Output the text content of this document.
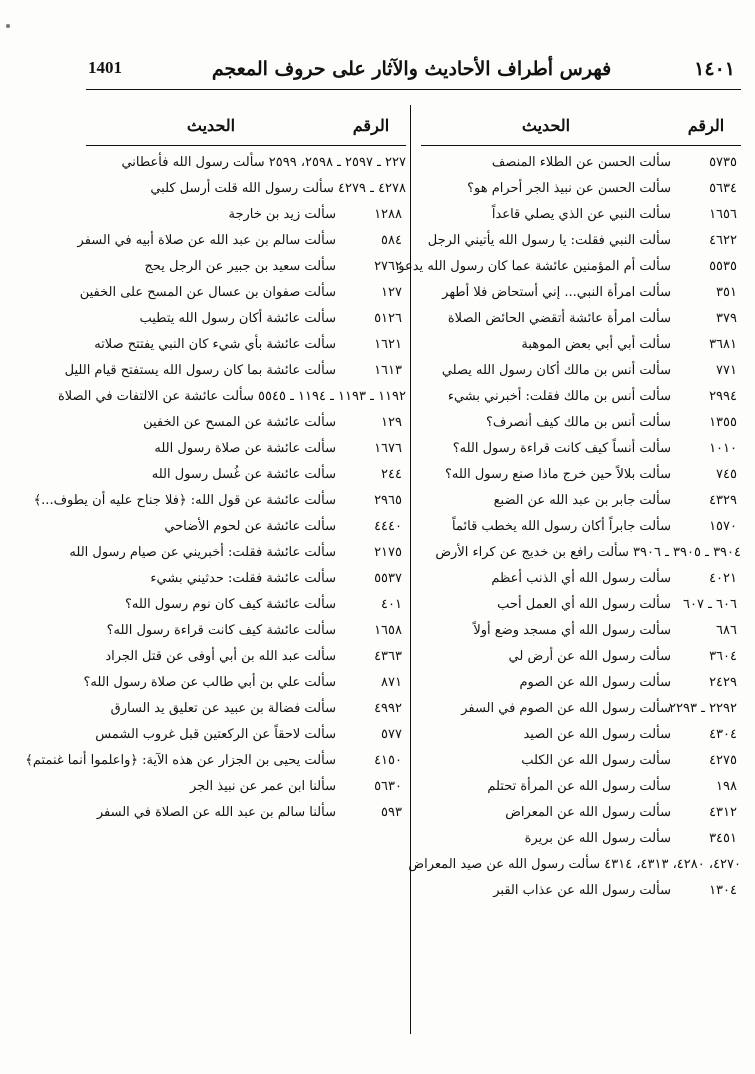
1401	فهرس أطراف الأحاديث والآثار على حروف المعجم	١٤٠١
الرقم
الحديث
٥٧٣٥
سألت الحسن عن الطلاء المنصف
٥٦٣٤
سألت الحسن عن نبيذ الجر أحرام هو؟
١٦٥٦
سألت النبي عن الذي يصلي قاعداً
٤٦٢٢
سألت النبي فقلت: يا رسول الله يأتيني الرجل
٥٥٣٥
سألت أم المؤمنين عائشة عما كان رسول الله يدعو
٣٥١
سألت امرأة النبي... إني أستحاض فلا أطهر
٣٧٩
سألت امرأة عائشة أتقضي الحائض الصلاة
٣٦٨١
سألت أبي أبي بعض الموهبة
٧٧١
سألت أنس بن مالك أكان رسول الله يصلي
٢٩٩٤
سألت أنس بن مالك فقلت: أخبرني بشيء
١٣٥٥
سألت أنس بن مالك كيف أنصرف؟
١٠١٠
سألت أنساً كيف كانت قراءة رسول الله؟
٧٤٥
سألت بلالاً حين خرج ماذا صنع رسول الله؟
٤٣٢٩
سألت جابر بن عبد الله عن الضبع
١٥٧٠
سألت جابراً أكان رسول الله يخطب قائماً
٣٩٠٤ ـ ٣٩٠٥ ـ ٣٩٠٦ سألت رافع بن خديج عن كراء الأرض
٤٠٢١
سألت رسول الله أي الذنب أعظم
٦٠٦ ـ ٦٠٧
سألت رسول الله أي العمل أحب
٦٨٦
سألت رسول الله أي مسجد وضع أولاً
٣٦٠٤
سألت رسول الله عن أرض لي
٢٤٢٩
سألت رسول الله عن الصوم
٢٢٩٢ ـ ٢٢٩٣
سألت رسول الله عن الصوم في السفر
٤٣٠٤
سألت رسول الله عن الصيد
٤٢٧٥
سألت رسول الله عن الكلب
١٩٨
سألت رسول الله عن المرأة تحتلم
٤٣١٢
سألت رسول الله عن المعراض
٣٤٥١
سألت رسول الله عن بريرة
٤٢٧٠، ٤٢٨٠، ٤٣١٣، ٤٣١٤ سألت رسول الله عن صيد المعراض
١٣٠٤
سألت رسول الله عن عذاب القبر
الرقم
الحديث
٢٢٧ ـ ٢٥٩٧ ـ ٢٥٩٨، ٢٥٩٩ سألت رسول الله فأعطاني
٤٢٧٨ ـ ٤٢٧٩ سألت رسول الله قلت أرسل كلبي
١٢٨٨
سألت زيد بن خارجة
٥٨٤
سألت سالم بن عبد الله عن صلاة أبيه في السفر
٢٧٦٢
سألت سعيد بن جبير عن الرجل يحج
١٢٧
سألت صفوان بن عسال عن المسح على الخفين
٥١٢٦
سألت عائشة أكان رسول الله يتطيب
١٦٢١
سألت عائشة بأي شيء كان النبي يفتتح صلاته
١٦١٣
سألت عائشة بما كان رسول الله يستفتح قيام الليل
١١٩٢ ـ ١١٩٣ ـ ١١٩٤ ـ ٥٥٤٥ سألت عائشة عن الالتفات في الصلاة
١٢٩
سألت عائشة عن المسح عن الخفين
١٦٧٦
سألت عائشة عن صلاة رسول الله
٢٤٤
سألت عائشة عن غُسل رسول الله
٢٩٦٥
سألت عائشة عن قول الله: ﴿فلا جناح عليه أن يطوف...﴾
٤٤٤٠
سألت عائشة عن لحوم الأضاحي
٢١٧٥
سألت عائشة فقلت: أخبريني عن صيام رسول الله
٥٥٣٧
سألت عائشة فقلت: حدثيني بشيء
٤٠١
سألت عائشة كيف كان نوم رسول الله؟
١٦٥٨
سألت عائشة كيف كانت قراءة رسول الله؟
٤٣٦٣
سألت عبد الله بن أبي أوفى عن قتل الجراد
٨٧١
سألت علي بن أبي طالب عن صلاة رسول الله؟
٤٩٩٢
سألت فضالة بن عبيد عن تعليق يد السارق
٥٧٧
سألت لاحقاً عن الركعتين قبل غروب الشمس
٤١٥٠
سألت يحيى بن الجزار عن هذه الآية: ﴿واعلموا أنما غنمتم﴾
٥٦٣٠
سألنا ابن عمر عن نبيذ الجر
٥٩٣
سألنا سالم بن عبد الله عن الصلاة في السفر
